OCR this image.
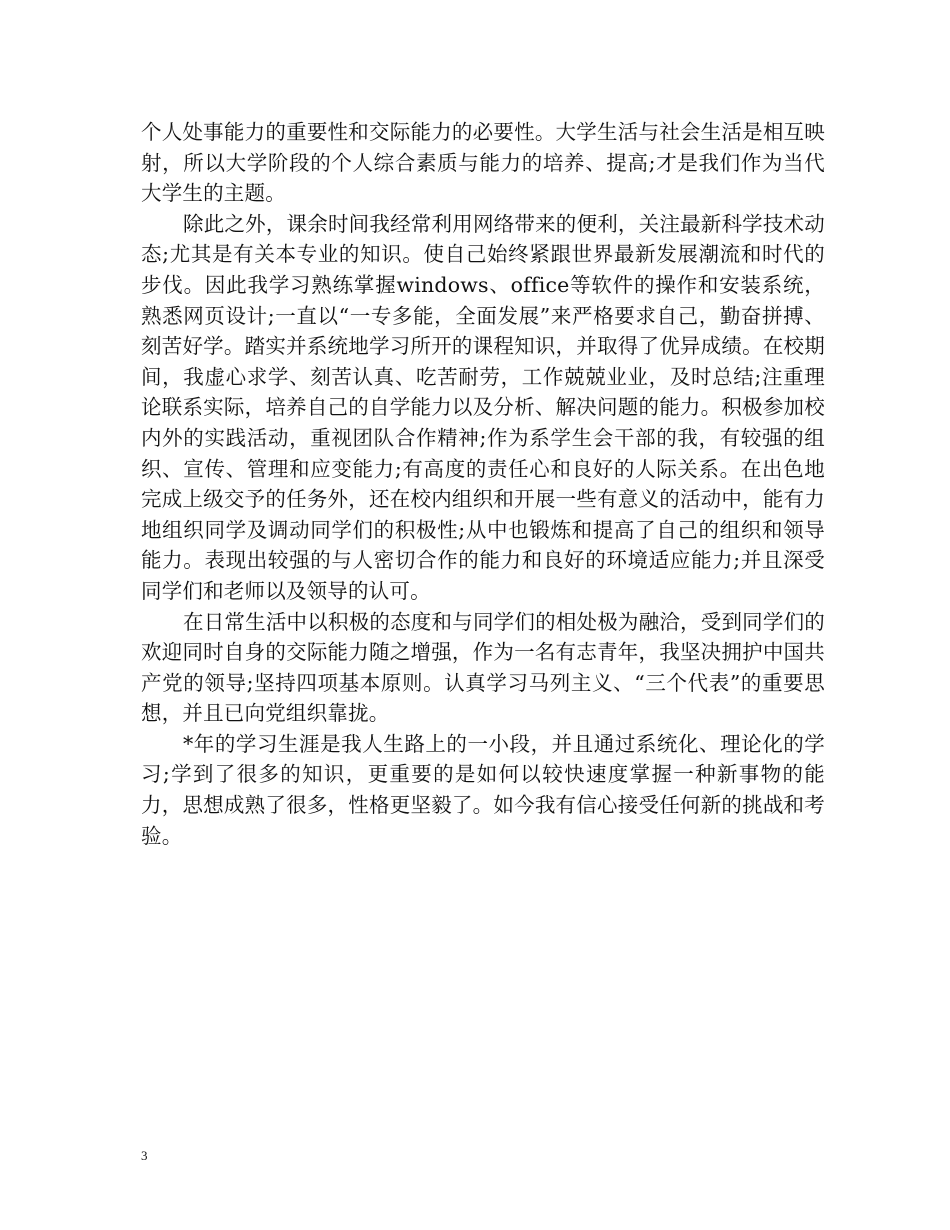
个人处事能力的重要性和交际能力的必要性。大学生活与社会生活是相互映射，所以大学阶段的个人综合素质与能力的培养、提高;才是我们作为当代大学生的主题。

除此之外，课余时间我经常利用网络带来的便利，关注最新科学技术动态;尤其是有关本专业的知识。使自己始终紧跟世界最新发展潮流和时代的步伐。因此我学习熟练掌握windows、office等软件的操作和安装系统，熟悉网页设计;一直以“一专多能，全面发展”来严格要求自己，勤奋拼搏、刻苦好学。踏实并系统地学习所开的课程知识，并取得了优异成绩。在校期间，我虚心求学、刻苦认真、吃苦耐劳，工作兢兢业业，及时总结;注重理论联系实际，培养自己的自学能力以及分析、解决问题的能力。积极参加校内外的实践活动，重视团队合作精神;作为系学生会干部的我，有较强的组织、宣传、管理和应变能力;有高度的责任心和良好的人际关系。在出色地完成上级交予的任务外，还在校内组织和开展一些有意义的活动中，能有力地组织同学及调动同学们的积极性;从中也锻炼和提高了自己的组织和领导能力。表现出较强的与人密切合作的能力和良好的环境适应能力;并且深受同学们和老师以及领导的认可。

在日常生活中以积极的态度和与同学们的相处极为融洽，受到同学们的欢迎同时自身的交际能力随之增强，作为一名有志青年，我坚决拥护中国共产党的领导;坚持四项基本原则。认真学习马列主义、“三个代表”的重要思想，并且已向党组织靠拢。

*年的学习生涯是我人生路上的一小段，并且通过系统化、理论化的学习;学到了很多的知识，更重要的是如何以较快速度掌握一种新事物的能力，思想成熟了很多，性格更坚毅了。如今我有信心接受任何新的挑战和考验。

3
